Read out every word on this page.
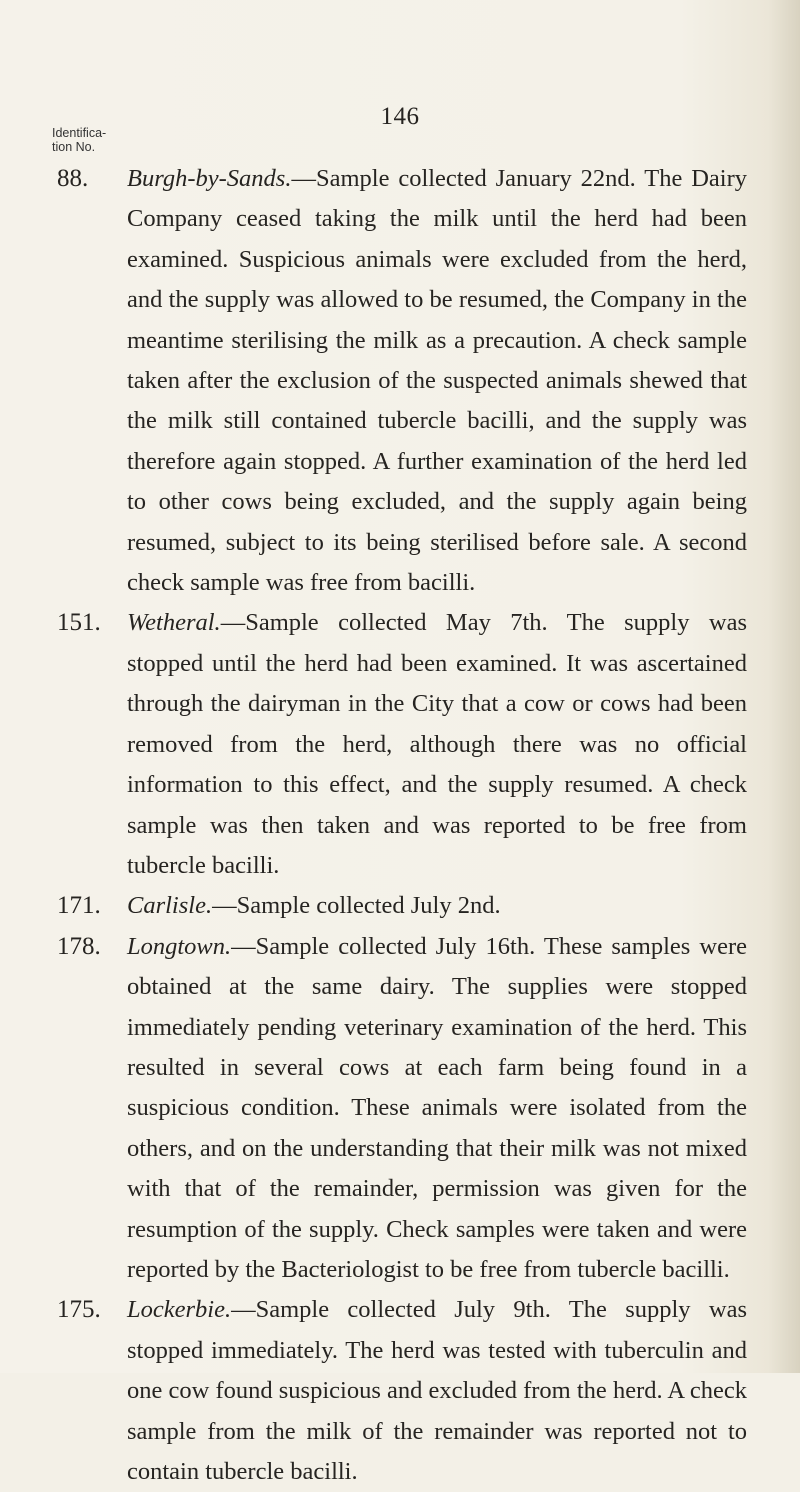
146
Identifica-
tion No.
88. Burgh-by-Sands.—Sample collected January 22nd. The Dairy Company ceased taking the milk until the herd had been examined. Suspicious animals were excluded from the herd, and the supply was allowed to be resumed, the Company in the meantime sterilising the milk as a precaution. A check sample taken after the exclusion of the suspected animals shewed that the milk still contained tubercle bacilli, and the supply was therefore again stopped. A further examination of the herd led to other cows being excluded, and the supply again being resumed, subject to its being sterilised before sale. A second check sample was free from bacilli.

151. Wetheral.—Sample collected May 7th. The supply was stopped until the herd had been examined. It was ascertained through the dairyman in the City that a cow or cows had been removed from the herd, although there was no official information to this effect, and the supply resumed. A check sample was then taken and was reported to be free from tubercle bacilli.

171. Carlisle.—Sample collected July 2nd.

178. Longtown.—Sample collected July 16th. These samples were obtained at the same dairy. The supplies were stopped immediately pending veterinary examination of the herd. This resulted in several cows at each farm being found in a suspicious condition. These animals were isolated from the others, and on the understanding that their milk was not mixed with that of the remainder, permission was given for the resumption of the supply. Check samples were taken and were reported by the Bacteriologist to be free from tubercle bacilli.

175. Lockerbie.—Sample collected July 9th. The supply was stopped immediately. The herd was tested with tuberculin and one cow found suspicious and excluded from the herd. A check sample from the milk of the remainder was reported not to contain tubercle bacilli.
